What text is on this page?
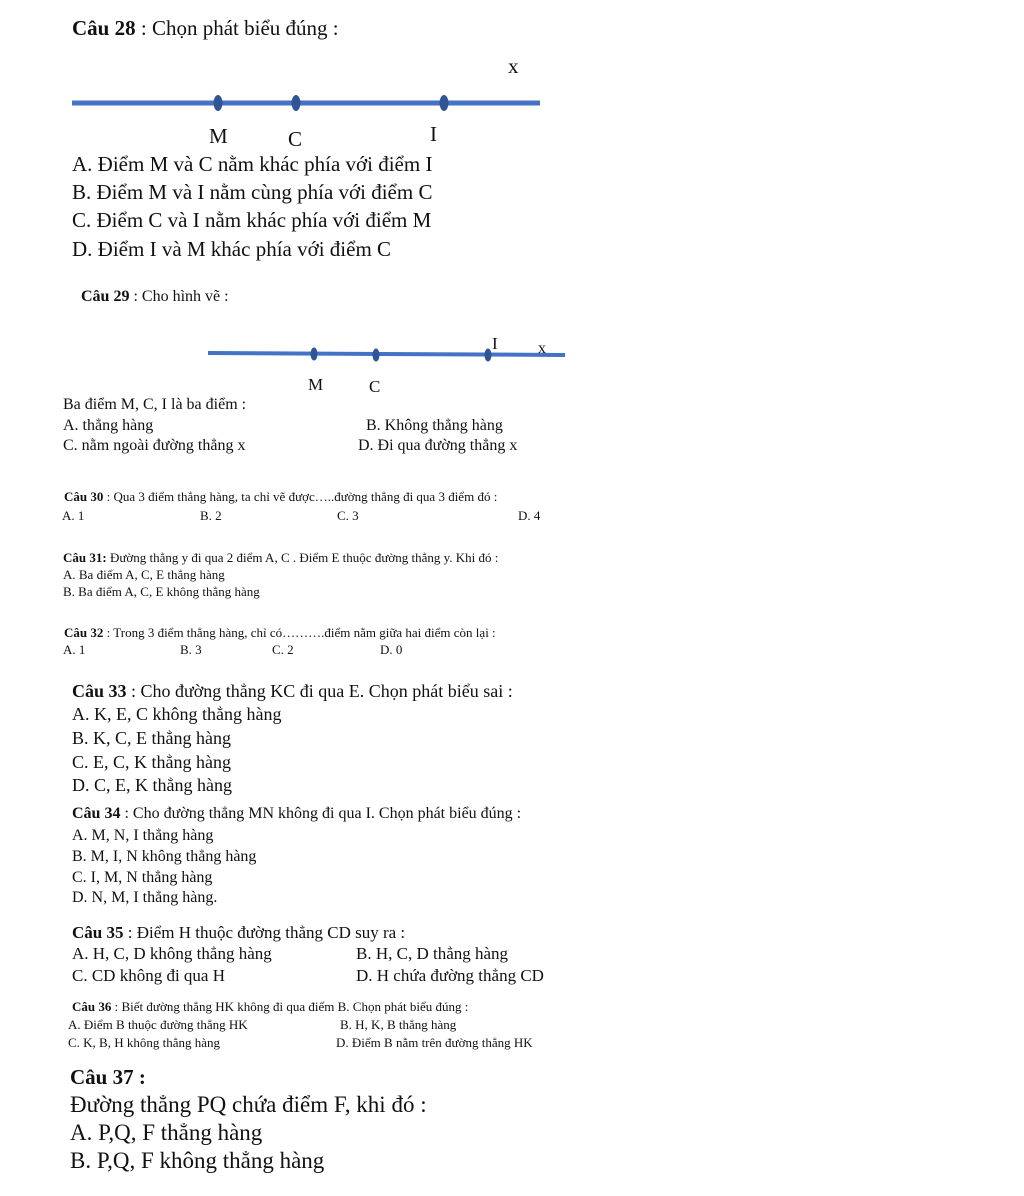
x
M	C	I
I	x
M	C
Câu 28 : Chọn phát biểu đúng :
A. Điểm M và C nằm khác phía với điểm I
B. Điểm M và I nằm cùng phía với điểm C
C. Điểm C và I nằm khác phía với điểm M
D. Điểm I và M khác phía với điểm C
Câu 29 : Cho hình vẽ :
Ba điểm M, C, I là ba điểm :
A. thẳng hàng	B. Không thẳng hàng
C. nằm ngoài đường thẳng x	D. Đi qua đường thẳng x
Câu 30 : Qua 3 điểm thẳng hàng, ta chỉ vẽ được…..đường thẳng đi qua 3 điểm đó :
A. 1	B. 2	C. 3	D. 4
Câu 31: Đường thẳng y đi qua 2 điểm A, C . Điểm E thuộc đường thẳng y. Khi đó :
A. Ba điểm A, C, E thẳng hàng
B. Ba điểm A, C, E không thẳng hàng
Câu 32 : Trong 3 điểm thẳng hàng, chỉ có……….điểm nằm giữa hai điểm còn lại :
A. 1	B. 3	C. 2	D. 0
Câu 33 : Cho đường thẳng KC đi qua E. Chọn phát biểu sai :
A. K, E, C không thẳng hàng
B. K, C, E thẳng hàng
C. E, C, K thẳng hàng
D. C, E, K thẳng hàng
Câu 34 : Cho đường thẳng MN không đi qua I. Chọn phát biểu đúng :
A. M, N, I thẳng hàng
B. M, I, N không thẳng hàng
C. I, M, N thẳng hàng
D. N, M, I thẳng hàng.
Câu 35 : Điểm H thuộc đường thẳng CD suy ra :
A. H, C, D không thẳng hàng	B. H, C, D thẳng hàng
C. CD không đi qua H	D. H chứa đường thẳng CD
Câu 36 : Biết đường thẳng HK không đi qua điểm B. Chọn phát biểu đúng :
A. Điểm B thuộc đường thẳng HK	B. H, K, B thẳng hàng
C. K, B, H không thẳng hàng	D. Điểm B nằm trên đường thẳng HK
Câu 37 :
Đường thẳng PQ chứa điểm F, khi đó :
A. P,Q, F thẳng hàng
B. P,Q, F không thẳng hàng
